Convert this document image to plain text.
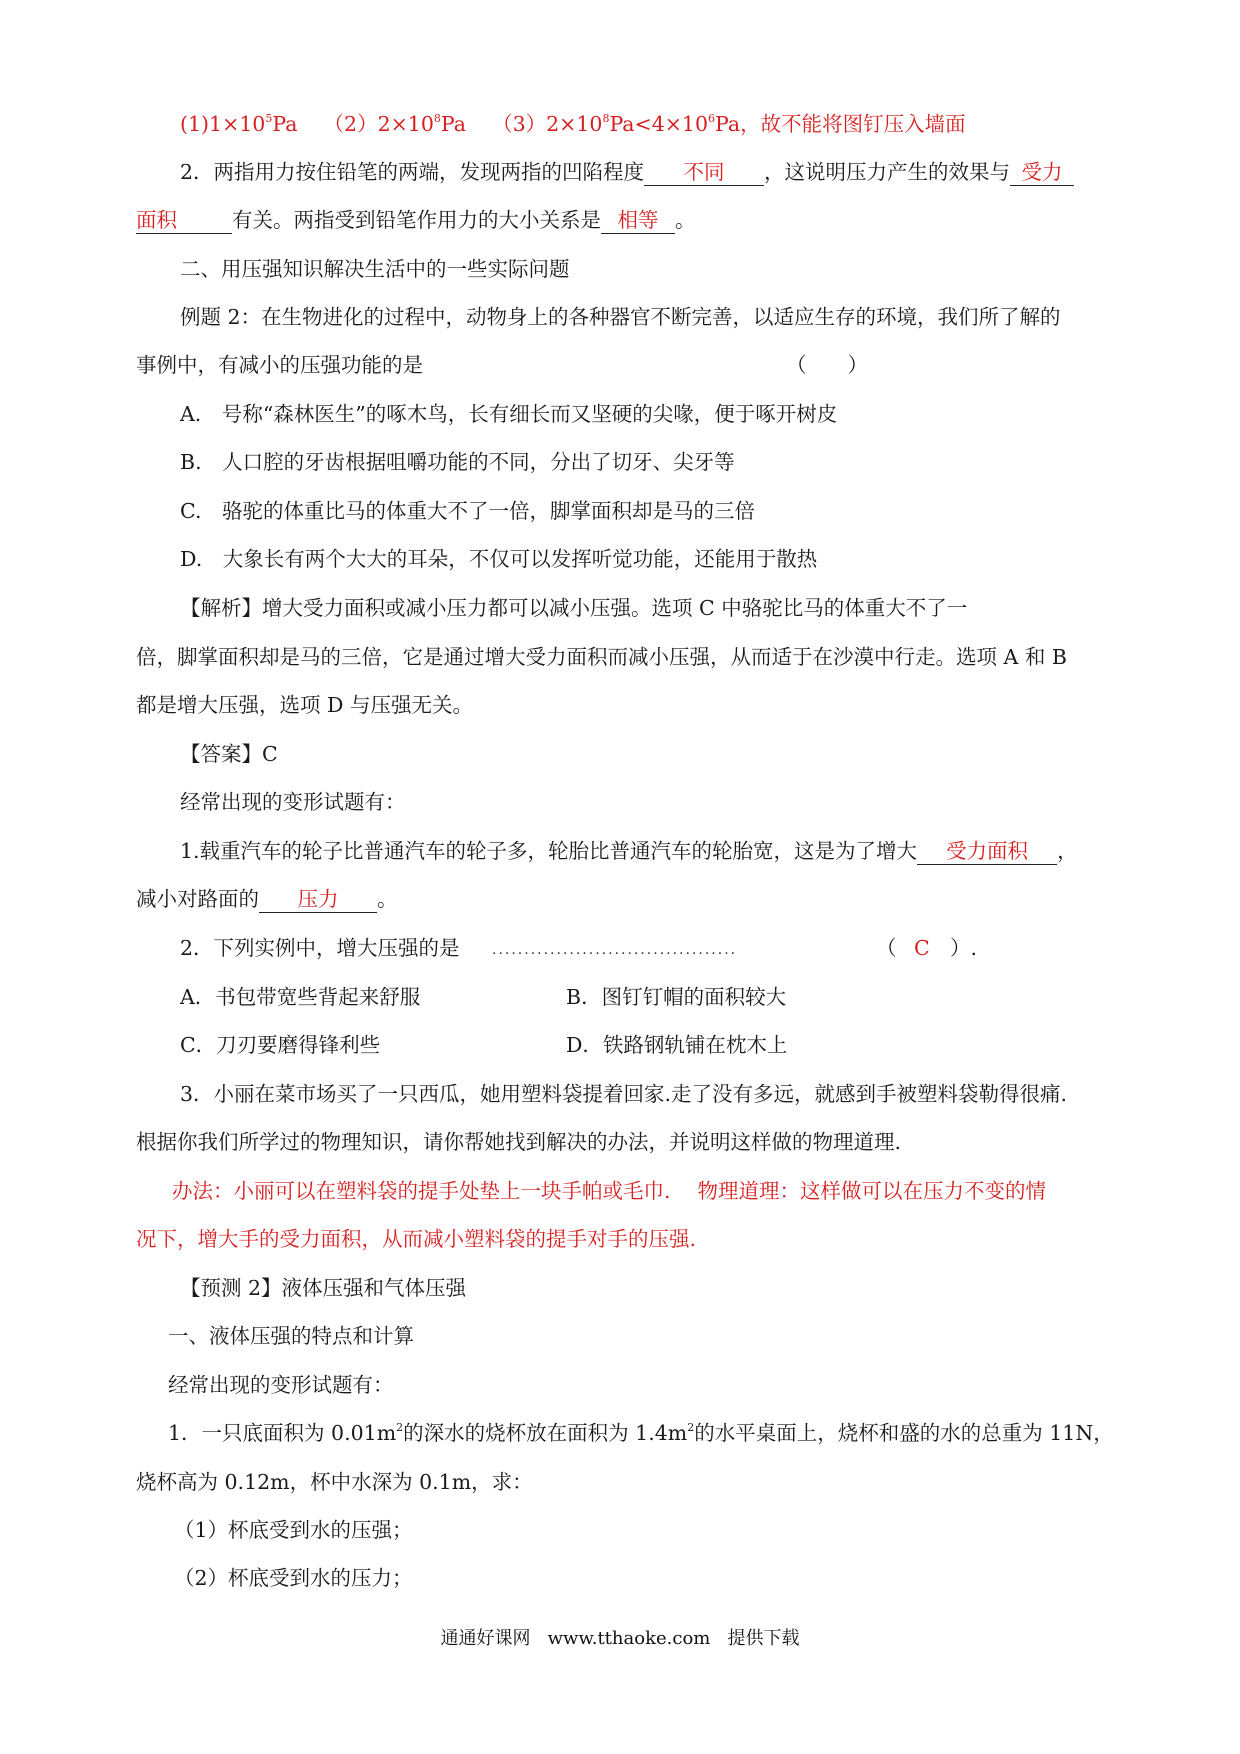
$(1)1\times 10^5Pa$ $(2)2\times 10^8Pa$ $(3)2\times 10^8Pa<4\times 10^6Pa$，故不能将图钉压入墙面
2．两指用力按住铅笔的两端，发现两指的凹陷程度 不同 ，这说明压力产生的效果与 受力
面积	有关。两指受到铅笔作用力的大小关系是 相等 。
二、用压强知识解决生活中的一些实际问题
例题 2：在生物进化的过程中，动物身上的各种器官不断完善，以适应生存的环境，我们所了解的
事例中，有减小的压强功能的是	（　　）
A.　号称“森林医生”的啄木鸟，长有细长而又坚硬的尖喙，便于啄开树皮
B.　人口腔的牙齿根据咀嚼功能的不同，分出了切牙、尖牙等
C.　骆驼的体重比马的体重大不了一倍，脚掌面积却是马的三倍
D.　大象长有两个大大的耳朵，不仅可以发挥听觉功能，还能用于散热
【解析】增大受力面积或减小压力都可以减小压强。选项 C 中骆驼比马的体重大不了一
倍，脚掌面积却是马的三倍，它是通过增大受力面积而减小压强，从而适于在沙漠中行走。选项 A 和 B
都是增大压强，选项 D 与压强无关。
【答案】C
经常出现的变形试题有：
1.载重汽车的轮子比普通汽车的轮子多，轮胎比普通汽车的轮胎宽，这是为了增大 受力面积 ，
减小对路面的 压力 。
2．下列实例中，增大压强的是 ......................................	（ C ）.
A．书包带宽些背起来舒服	B．图钉钉帽的面积较大
C．刀刃要磨得锋利些	D．铁路钢轨铺在枕木上
3．小丽在菜市场买了一只西瓜，她用塑料袋提着回家.走了没有多远，就感到手被塑料袋勒得很痛.
根据你我们所学过的物理知识，请你帮她找到解决的办法，并说明这样做的物理道理.
办法：小丽可以在塑料袋的提手处垫上一块手帕或毛巾.　 物理道理：这样做可以在压力不变的情
况下，增大手的受力面积，从而减小塑料袋的提手对手的压强.
【预测 2】液体压强和气体压强
一、液体压强的特点和计算
经常出现的变形试题有：
1．一只底面积为 $0.01m^2$的深水的烧杯放在面积为 $1.4m^2$的水平桌面上，烧杯和盛的水的总重为 11N，
烧杯高为 0.12m，杯中水深为 0.1m，求：
（1）杯底受到水的压强；
（2）杯底受到水的压力；
通通好课网 www.tthaoke.com 提供下载
